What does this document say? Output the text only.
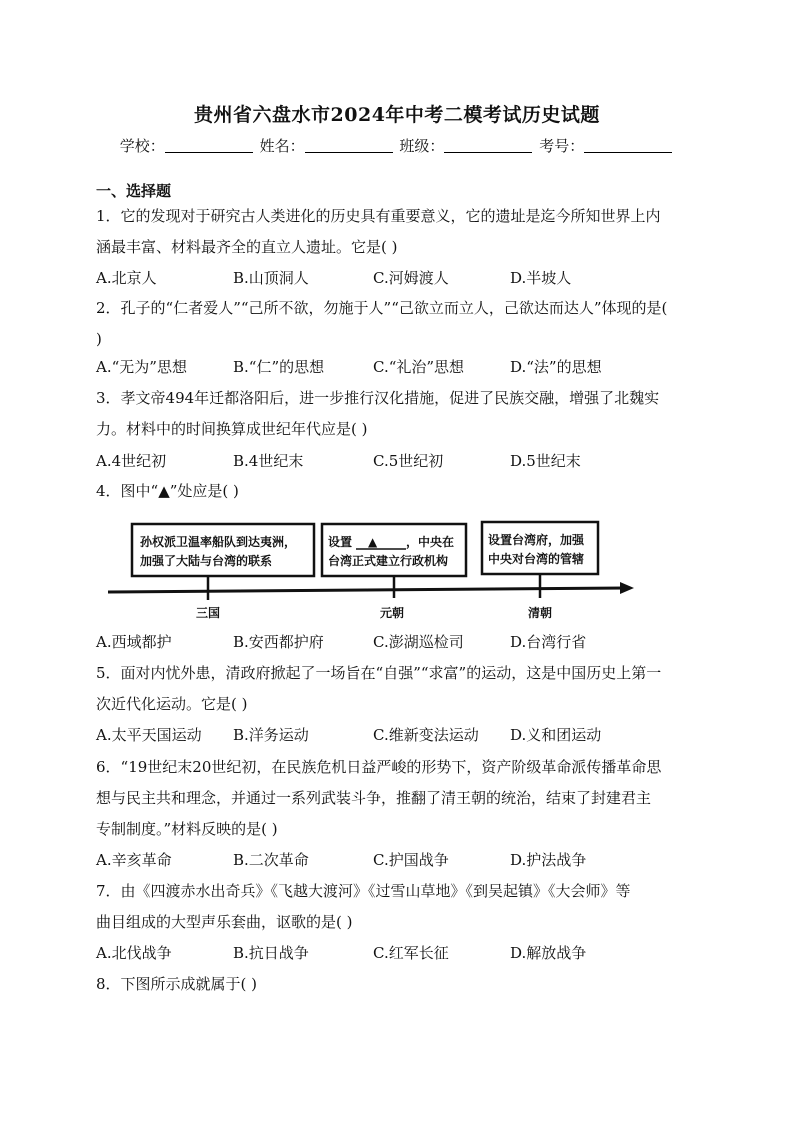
贵州省六盘水市2024年中考二模考试历史试题
学校：	姓名：	班级：	考号：
一、选择题
1．它的发现对于研究古人类进化的历史具有重要意义，它的遗址是迄今所知世界上内
涵最丰富、材料最齐全的直立人遗址。它是( )
A.北京人	B.山顶洞人	C.河姆渡人	D.半坡人
2．孔子的“仁者爱人”“己所不欲，勿施于人”“己欲立而立人，己欲达而达人”体现的是(
)
A.“无为”思想	B.“仁”的思想	C.“礼治”思想	D.“法”的思想
3．孝文帝494年迁都洛阳后，进一步推行汉化措施，促进了民族交融，增强了北魏实
力。材料中的时间换算成世纪年代应是( )
A.4世纪初	B.4世纪末	C.5世纪初	D.5世纪末
4．图中“▲”处应是( )
孙权派卫温率船队到达夷洲，
加强了大陆与台湾的联系
设置 ▲ ，中央在
台湾正式建立行政机构
设置台湾府，加强
中央对台湾的管辖
三国	元朝	清朝
A.西域都护	B.安西都护府	C.澎湖巡检司	D.台湾行省
5．面对内忧外患，清政府掀起了一场旨在“自强”“求富”的运动，这是中国历史上第一
次近代化运动。它是( )
A.太平天国运动 B.洋务运动	C.维新变法运动 D.义和团运动
6．“19世纪末20世纪初，在民族危机日益严峻的形势下，资产阶级革命派传播革命思
想与民主共和理念，并通过一系列武装斗争，推翻了清王朝的统治，结束了封建君主
专制制度。”材料反映的是( )
A.辛亥革命	B.二次革命	C.护国战争	D.护法战争
7．由《四渡赤水出奇兵》《飞越大渡河》《过雪山草地》《到吴起镇》《大会师》等
曲目组成的大型声乐套曲，讴歌的是( )
A.北伐战争	B.抗日战争	C.红军长征	D.解放战争
8．下图所示成就属于( )
